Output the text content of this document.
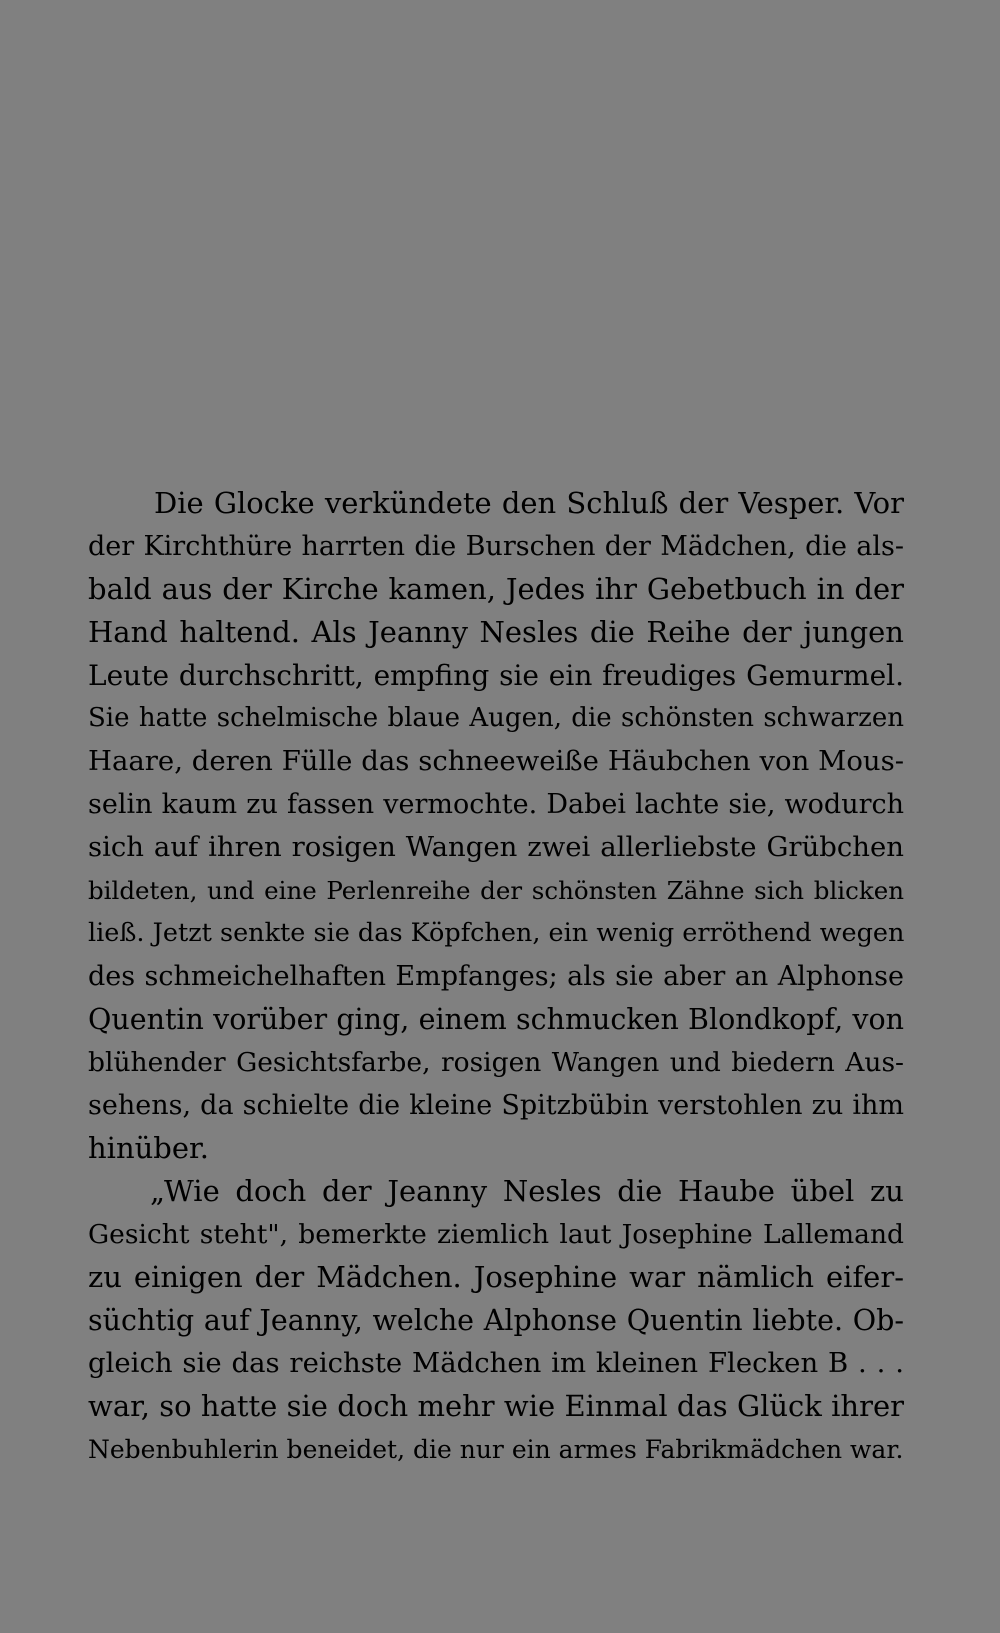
Die Glocke verkündete den Schluß der Vesper. Vor
der Kirchthüre harrten die Burschen der Mädchen, die als-
bald aus der Kirche kamen, Jedes ihr Gebetbuch in der
Hand haltend. Als Jeanny Nesles die Reihe der jungen
Leute durchschritt, empfing sie ein freudiges Gemurmel.
Sie hatte schelmische blaue Augen, die schönsten schwarzen
Haare, deren Fülle das schneeweiße Häubchen von Mous-
selin kaum zu fassen vermochte. Dabei lachte sie, wodurch
sich auf ihren rosigen Wangen zwei allerliebste Grübchen
bildeten, und eine Perlenreihe der schönsten Zähne sich blicken
ließ. Jetzt senkte sie das Köpfchen, ein wenig erröthend wegen
des schmeichelhaften Empfanges; als sie aber an Alphonse
Quentin vorüber ging, einem schmucken Blondkopf, von
blühender Gesichtsfarbe, rosigen Wangen und biedern Aus-
sehens, da schielte die kleine Spitzbübin verstohlen zu ihm
hinüber.
„Wie doch der Jeanny Nesles die Haube übel zu
Gesicht steht", bemerkte ziemlich laut Josephine Lallemand
zu einigen der Mädchen. Josephine war nämlich eifer-
süchtig auf Jeanny, welche Alphonse Quentin liebte. Ob-
gleich sie das reichste Mädchen im kleinen Flecken B . . .
war, so hatte sie doch mehr wie Einmal das Glück ihrer
Nebenbuhlerin beneidet, die nur ein armes Fabrikmädchen war.
